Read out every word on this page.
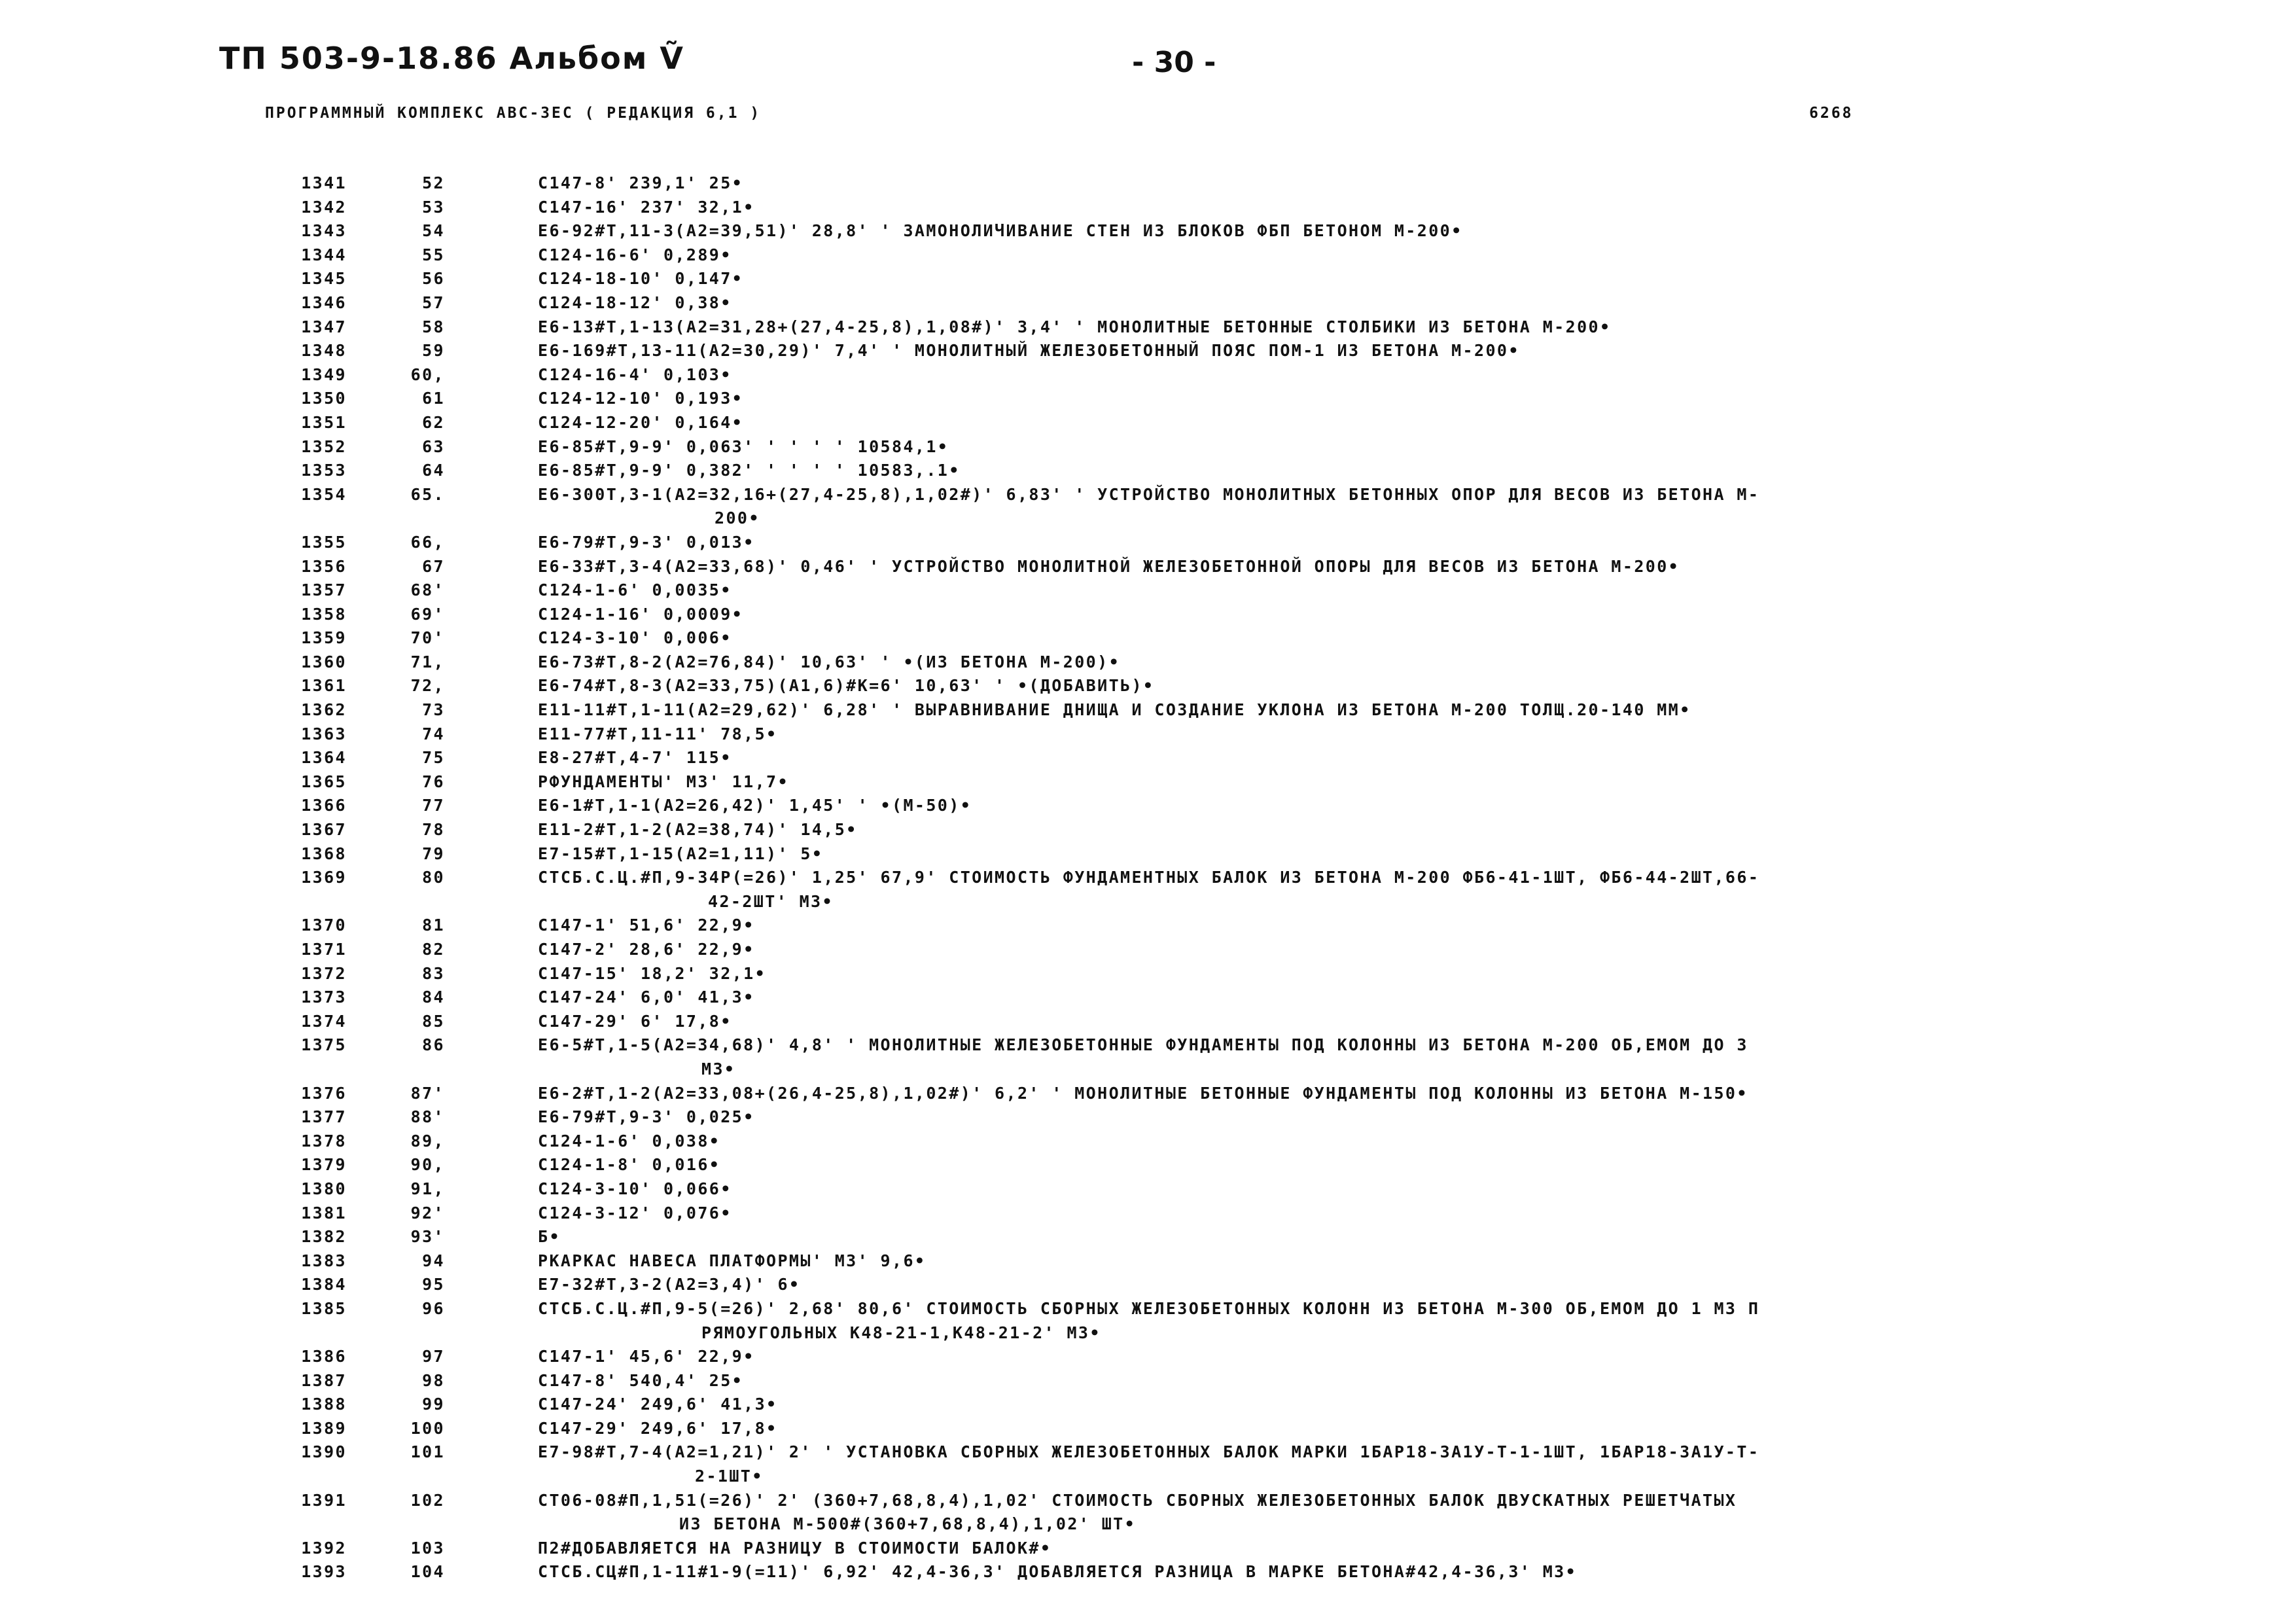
ТП 503-9-18.86 Альбом Ṽ	- 30 -
ПРОГРАММНЫЙ КОМПЛЕКС АВС-3ЕС ( РЕДАКЦИЯ 6,1 )	6268
1341	52	С147-8' 239,1' 25•
1342	53	С147-16' 237' 32,1•
1343	54	Е6-92#Т,11-3(А2=39,51)' 28,8' ' ЗАМОНОЛИЧИВАНИЕ СТЕН ИЗ БЛОКОВ ФБП БЕТОНОМ М-200•
1344	55	С124-16-6' 0,289•
1345	56	С124-18-10' 0,147•
1346	57	С124-18-12' 0,38•
1347	58	Е6-13#Т,1-13(А2=31,28+(27,4-25,8),1,08#)' 3,4' ' МОНОЛИТНЫЕ БЕТОННЫЕ СТОЛБИКИ ИЗ БЕТОНА М-200•
1348	59	Е6-169#Т,13-11(А2=30,29)' 7,4' ' МОНОЛИТНЫЙ ЖЕЛЕЗОБЕТОННЫЙ ПОЯС ПОМ-1 ИЗ БЕТОНА М-200•
1349	60,	С124-16-4' 0,103•
1350	61	С124-12-10' 0,193•
1351	62	С124-12-20' 0,164•
1352	63	Е6-85#Т,9-9' 0,063' ' ' ' ' 10584,1•
1353	64	Е6-85#Т,9-9' 0,382' ' ' ' ' 10583,.1•
1354	65.	Е6-300Т,3-1(А2=32,16+(27,4-25,8),1,02#)' 6,83' ' УСТРОЙСТВО МОНОЛИТНЫХ БЕТОННЫХ ОПОР ДЛЯ ВЕСОВ ИЗ БЕТОНА М-
200•
1355	66,	Е6-79#Т,9-3' 0,013•
1356	67	Е6-33#Т,3-4(А2=33,68)' 0,46' ' УСТРОЙСТВО МОНОЛИТНОЙ ЖЕЛЕЗОБЕТОННОЙ ОПОРЫ ДЛЯ ВЕСОВ ИЗ БЕТОНА М-200•
1357	68'	С124-1-6' 0,0035•
1358	69'	С124-1-16' 0,0009•
1359	70'	С124-3-10' 0,006•
1360	71,	Е6-73#Т,8-2(А2=76,84)' 10,63' ' •(ИЗ БЕТОНА М-200)•
1361	72,	Е6-74#Т,8-3(А2=33,75)(А1,6)#К=6' 10,63' ' •(ДОБАВИТЬ)•
1362	73	Е11-11#Т,1-11(А2=29,62)' 6,28' ' ВЫРАВНИВАНИЕ ДНИЩА И СОЗДАНИЕ УКЛОНА ИЗ БЕТОНА М-200 ТОЛЩ.20-140 ММ•
1363	74	Е11-77#Т,11-11' 78,5•
1364	75	Е8-27#Т,4-7' 115•
1365	76	РФУНДАМЕНТЫ' М3' 11,7•
1366	77	Е6-1#Т,1-1(А2=26,42)' 1,45' ' •(М-50)•
1367	78	Е11-2#Т,1-2(А2=38,74)' 14,5•
1368	79	Е7-15#Т,1-15(А2=1,11)' 5•
1369	80	СТСБ.С.Ц.#П,9-34Р(=26)' 1,25' 67,9' СТОИМОСТЬ ФУНДАМЕНТНЫХ БАЛОК ИЗ БЕТОНА М-200 ФБ6-41-1ШТ, ФБ6-44-2ШТ,66-
42-2ШТ' М3•
1370	81	С147-1' 51,6' 22,9•
1371	82	С147-2' 28,6' 22,9•
1372	83	С147-15' 18,2' 32,1•
1373	84	С147-24' 6,0' 41,3•
1374	85	С147-29' 6' 17,8•
1375	86	Е6-5#Т,1-5(А2=34,68)' 4,8' ' МОНОЛИТНЫЕ ЖЕЛЕЗОБЕТОННЫЕ ФУНДАМЕНТЫ ПОД КОЛОННЫ ИЗ БЕТОНА М-200 ОБ,ЕМОМ ДО 3
М3•
1376	87'	Е6-2#Т,1-2(А2=33,08+(26,4-25,8),1,02#)' 6,2' ' МОНОЛИТНЫЕ БЕТОННЫЕ ФУНДАМЕНТЫ ПОД КОЛОННЫ ИЗ БЕТОНА М-150•
1377	88'	Е6-79#Т,9-3' 0,025•
1378	89,	С124-1-6' 0,038•
1379	90,	С124-1-8' 0,016•
1380	91,	С124-3-10' 0,066•
1381	92'	С124-3-12' 0,076•
1382	93'	Б•
1383	94	РКАРКАС НАВЕСА ПЛАТФОРМЫ' М3' 9,6•
1384	95	Е7-32#Т,3-2(А2=3,4)' 6•
1385	96	СТСБ.С.Ц.#П,9-5(=26)' 2,68' 80,6' СТОИМОСТЬ СБОРНЫХ ЖЕЛЕЗОБЕТОННЫХ КОЛОНН ИЗ БЕТОНА М-300 ОБ,ЕМОМ ДО 1 М3 П
РЯМОУГОЛЬНЫХ К48-21-1,К48-21-2' М3•
1386	97	С147-1' 45,6' 22,9•
1387	98	С147-8' 540,4' 25•
1388	99	С147-24' 249,6' 41,3•
1389	100	С147-29' 249,6' 17,8•
1390	101	Е7-98#Т,7-4(А2=1,21)' 2' ' УСТАНОВКА СБОРНЫХ ЖЕЛЕЗОБЕТОННЫХ БАЛОК МАРКИ 1БАР18-3А1У-Т-1-1ШТ, 1БАР18-3А1У-Т-
2-1ШТ•
1391	102	СТ06-08#П,1,51(=26)' 2' (360+7,68,8,4),1,02' СТОИМОСТЬ СБОРНЫХ ЖЕЛЕЗОБЕТОННЫХ БАЛОК ДВУСКАТНЫХ РЕШЕТЧАТЫХ
ИЗ БЕТОНА М-500#(360+7,68,8,4),1,02' ШТ•
1392	103	П2#ДОБАВЛЯЕТСЯ НА РАЗНИЦУ В СТОИМОСТИ БАЛОК#•
1393	104	СТСБ.СЦ#П,1-11#1-9(=11)' 6,92' 42,4-36,3' ДОБАВЛЯЕТСЯ РАЗНИЦА В МАРКЕ БЕТОНА#42,4-36,3' М3•
